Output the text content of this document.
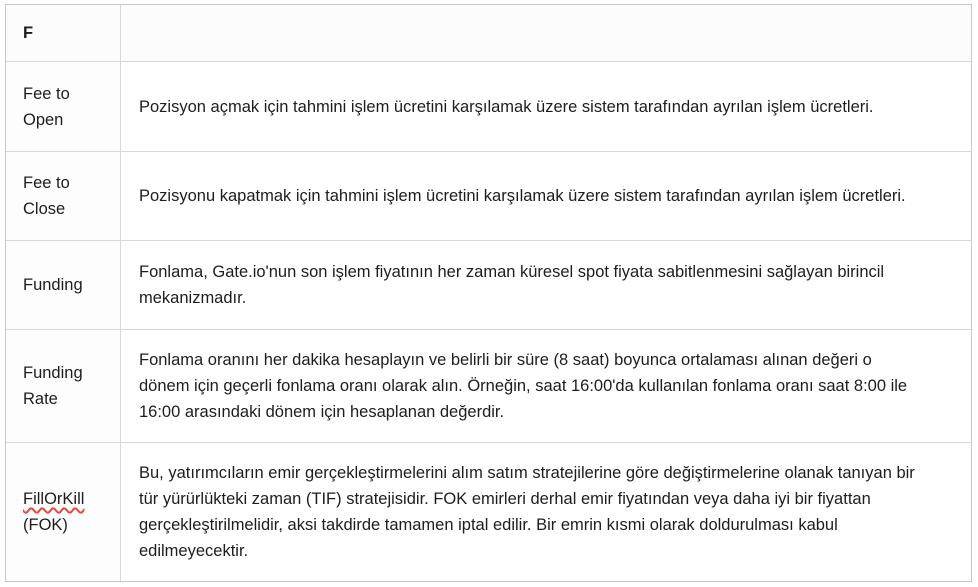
F
Fee to Open
Pozisyon açmak için tahmini işlem ücretini karşılamak üzere sistem tarafından ayrılan işlem ücretleri.
Fee to Close
Pozisyonu kapatmak için tahmini işlem ücretini karşılamak üzere sistem tarafından ayrılan işlem ücretleri.
Funding
Fonlama, Gate.io'nun son işlem fiyatının her zaman küresel spot fiyata sabitlenmesini sağlayan birincil mekanizmadır.
Funding Rate
Fonlama oranını her dakika hesaplayın ve belirli bir süre (8 saat) boyunca ortalaması alınan değeri o dönem için geçerli fonlama oranı olarak alın. Örneğin, saat 16:00'da kullanılan fonlama oranı saat 8:00 ile 16:00 arasındaki dönem için hesaplanan değerdir.
FillOrKill
(FOK)
Bu, yatırımcıların emir gerçekleştirmelerini alım satım stratejilerine göre değiştirmelerine olanak tanıyan bir tür yürürlükteki zaman (TIF) stratejisidir. FOK emirleri derhal emir fiyatından veya daha iyi bir fiyattan gerçekleştirilmelidir, aksi takdirde tamamen iptal edilir. Bir emrin kısmi olarak doldurulması kabul edilmeyecektir.
